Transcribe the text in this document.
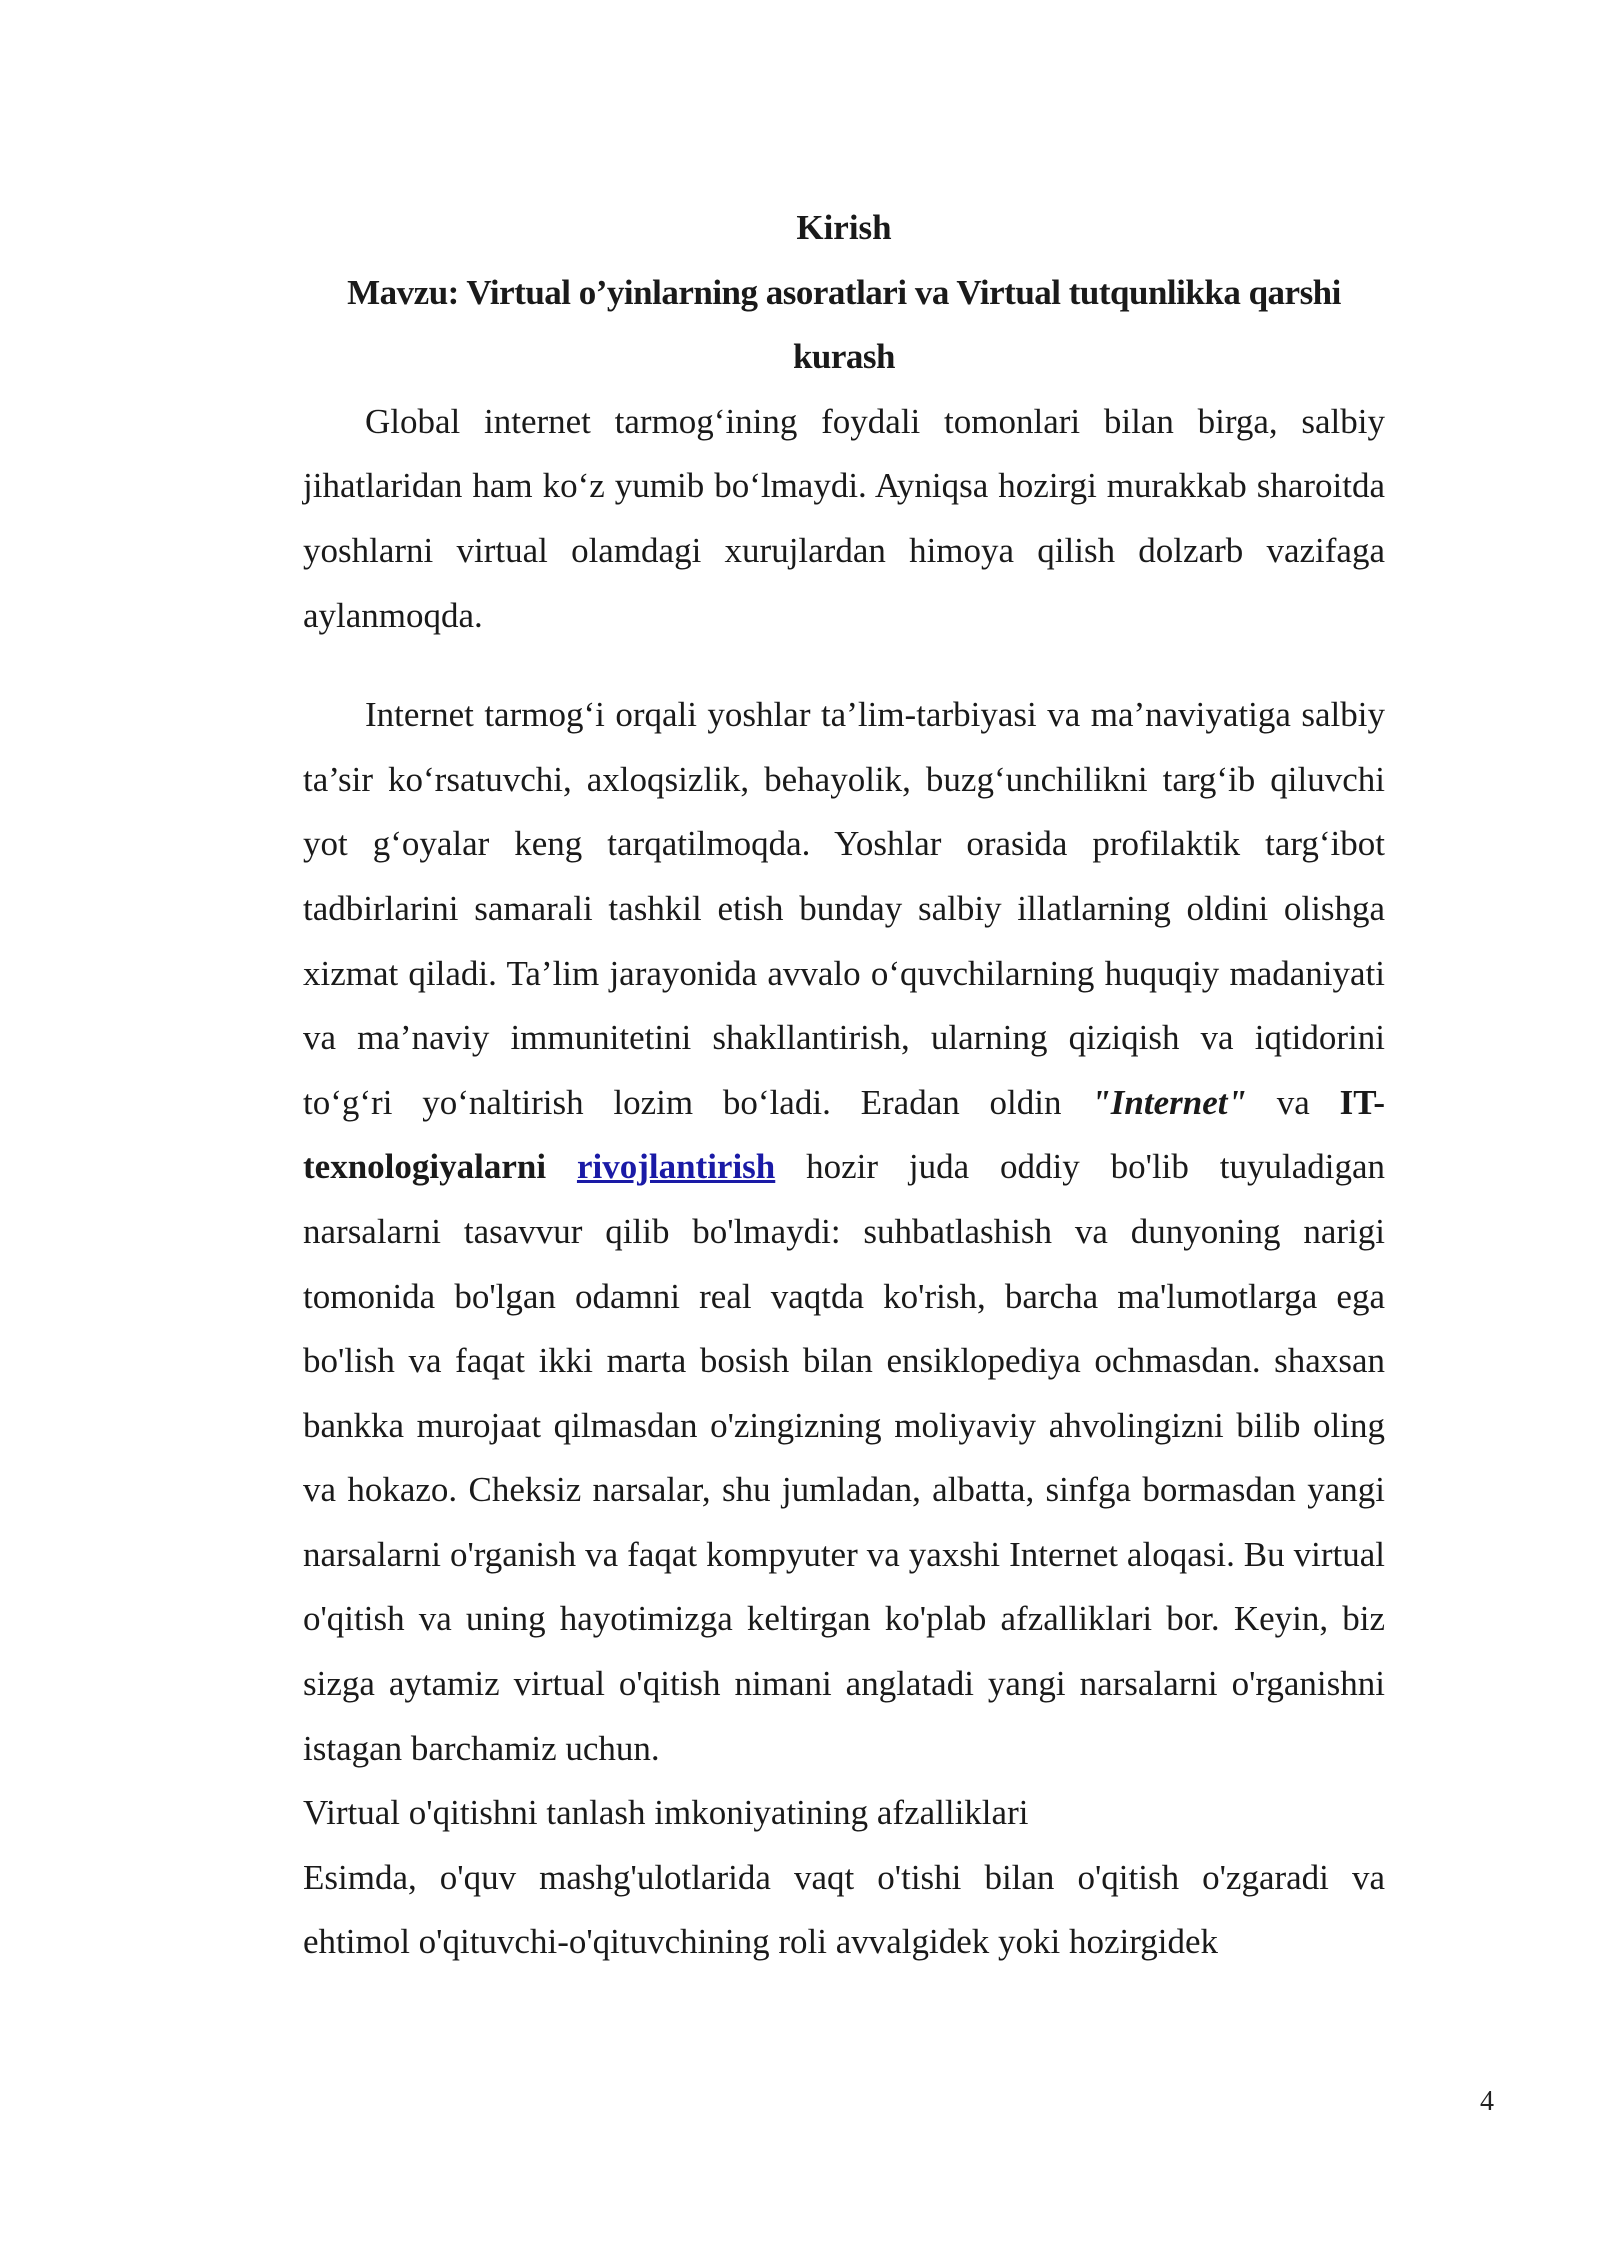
Kirish

Mavzu: Virtual o’yinlarning asoratlari va Virtual tutqunlikka qarshi kurash

Global internet tarmog‘ining foydali tomonlari bilan birga, salbiy jihatlaridan ham ko‘z yumib bo‘lmaydi. Ayniqsa hozirgi murakkab sharoitda yoshlarni virtual olamdagi xurujlardan himoya qilish dolzarb vazifaga aylanmoqda.

Internet tarmog‘i orqali yoshlar ta’lim-tarbiyasi va ma’naviyatiga salbiy ta’sir ko‘rsatuvchi, axloqsizlik, behayolik, buzg‘unchilikni targ‘ib qiluvchi yot g‘oyalar keng tarqatilmoqda. Yoshlar orasida profilaktik targ‘ibot tadbirlarini samarali tashkil etish bunday salbiy illatlarning oldini olishga xizmat qiladi. Ta’lim jarayonida avvalo o‘quvchilarning huquqiy madaniyati va ma’naviy immunitetini shakllantirish, ularning qiziqish va iqtidorini to‘g‘ri yo‘naltirish lozim bo‘ladi. Eradan oldin "Internet" va IT-texnologiyalarni rivojlantirish hozir juda oddiy bo'lib tuyuladigan narsalarni tasavvur qilib bo'lmaydi: suhbatlashish va dunyoning narigi tomonida bo'lgan odamni real vaqtda ko'rish, barcha ma'lumotlarga ega bo'lish va faqat ikki marta bosish bilan ensiklopediya ochmasdan. shaxsan bankka murojaat qilmasdan o'zingizning moliyaviy ahvolingizni bilib oling va hokazo. Cheksiz narsalar, shu jumladan, albatta, sinfga bormasdan yangi narsalarni o'rganish va faqat kompyuter va yaxshi Internet aloqasi. Bu virtual o'qitish va uning hayotimizga keltirgan ko'plab afzalliklari bor. Keyin, biz sizga aytamiz virtual o'qitish nimani anglatadi yangi narsalarni o'rganishni istagan barchamiz uchun.

Virtual o'qitishni tanlash imkoniyatining afzalliklari

Esimda, o'quv mashg'ulotlarida vaqt o'tishi bilan o'qitish o'zgaradi va ehtimol o'qituvchi-o'qituvchining roli avvalgidek yoki hozirgidek

4
